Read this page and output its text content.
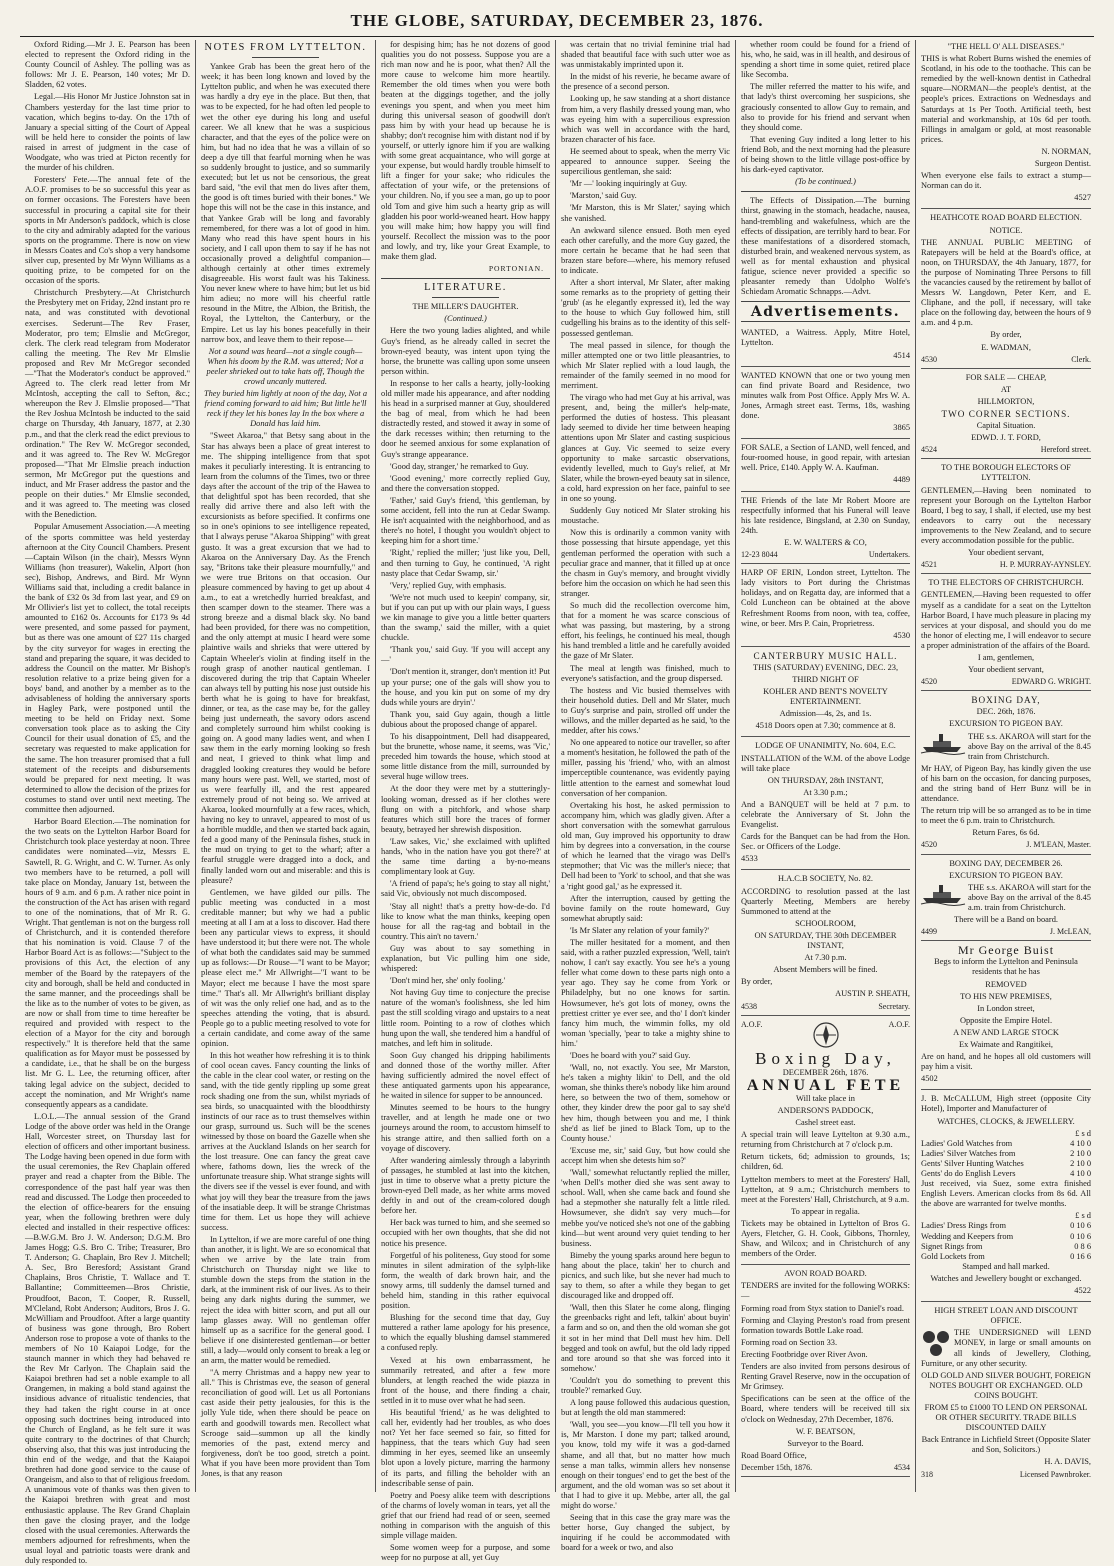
THE GLOBE, SATURDAY, DECEMBER 23, 1876.

Oxford Riding.—Mr J. E. Pearson has been elected to represent the Oxford riding in the County Council of Ashley. The polling was as follows: Mr J. E. Pearson, 140 votes; Mr D. Sladden, 62 votes.

Legal.—His Honor Mr Justice Johnston sat in Chambers yesterday for the last time prior to vacation, which begins to-day. On the 17th of January a special sitting of the Court of Appeal will be held here to consider the points of law raised in arrest of judgment in the case of Woodgate, who was tried at Picton recently for the murder of his children.

Foresters' Fete.—The annual fete of the A.O.F. promises to be so successful this year as on former occasions. The Foresters have been successful in procuring a capital site for their sports in Mr Anderson's paddock, which is close to the city and admirably adapted for the various sports on the programme. There is now on view in Messrs Coates and Co's shop a very handsome silver cup, presented by Mr Wynn Williams as a quoiting prize, to be competed for on the occasion of the sports.

Christchurch Presbytery.—At Christchurch the Presbytery met on Friday, 22nd instant pro re nata, and was constituted with devotional exercises. Sederunt—The Rev Fraser, Moderator, pro tem; Elmslie and McGregor, clerk. The clerk read telegram from Moderator calling the meeting. The Rev Mr Elmslie proposed and Rev Mr McGregor seconded—"That the Moderator's conduct be approved." Agreed to. The clerk read letter from Mr McIntosh, accepting the call to Sefton, &c.; whereupon the Rev J. Elmslie proposed—"That the Rev Joshua McIntosh be inducted to the said charge on Thursday, 4th January, 1877, at 2.30 p.m., and that the clerk read the edict previous to ordination." The Rev W. McGregor seconded, and it was agreed to. The Rev W. McGregor proposed—"That Mr Elmslie preach induction sermon, Mr McGregor put the questions and induct, and Mr Fraser address the pastor and the people on their duties." Mr Elmslie seconded, and it was agreed to. The meeting was closed with the Benediction.

Popular Amusement Association.—A meeting of the sports committee was held yesterday afternoon at the City Council Chambers. Present—Captain Wilson (in the chair), Messrs Wynn Williams (hon treasurer), Wakelin, Alport (hon sec), Bishop, Andrews, and Bird. Mr Wynn Williams said that, including a credit balance in the bank of £32 0s 3d from last year, and £9 on Mr Ollivier's list yet to collect, the total receipts amounted to £162 0s. Accounts for £173 9s 4d were presented, and some passed for payment, but as there was one amount of £27 11s charged by the city surveyor for wages in erecting the stand and preparing the square, it was decided to address the Council on the matter. Mr Bishop's resolution relative to a prize being given for a boys' band, and another by a member as to the advisableness of holding the anniversary sports in Hagley Park, were postponed until the meeting to be held on Friday next. Some conversation took place as to asking the City Council for their usual donation of £5, and the secretary was requested to make application for the same. The hon treasurer promised that a full statement of the receipts and disbursements would be prepared for next meeting. It was determined to allow the decision of the prizes for costumes to stand over until next meeting. The committee then adjourned.

Harbor Board Election.—The nomination for the two seats on the Lyttelton Harbor Board for Christchurch took place yesterday at noon. Three candidates were nominated—viz, Messrs E. Sawtell, R. G. Wright, and C. W. Turner. As only two members have to be returned, a poll will take place on Monday, January 1st, between the hours of 9 a.m. and 6 p.m. A rather nice point in the construction of the Act has arisen with regard to one of the nominations, that of Mr R. G. Wright. That gentleman is not on the burgess roll of Christchurch, and it is contended therefore that his nomination is void. Clause 7 of the Harbor Board Act is as follows:—"Subject to the provisions of this Act, the election of any member of the Board by the ratepayers of the city and borough, shall be held and conducted in the same manner, and the proceedings shall be the like as to the number of votes to be given, as are now or shall from time to time hereafter be required and provided with respect to the election of a Mayor for the city and borough respectively." It is therefore held that the same qualification as for Mayor must be possessed by a candidate, i.e., that he shall be on the burgess list. Mr G. L. Lee, the returning officer, after taking legal advice on the subject, decided to accept the nomination, and Mr Wright's name consequently appears as a candidate.

L.O.L.—The annual session of the Grand Lodge of the above order was held in the Orange Hall, Worcester street, on Thursday last for election of officers and other important business. The Lodge having been opened in due form with the usual ceremonies, the Rev Chaplain offered prayer and read a chapter from the Bible. The correspondence of the past half year was then read and discussed. The Lodge then proceeded to the election of office-bearers for the ensuing year, when the following brethren were duly elected and installed in their respective offices:—B.W.G.M. Bro J. W. Anderson; D.G.M. Bro James Hogg; G.S. Bro C. Tribe; Treasurer, Bro T. Anderson; G. Chaplain, Bro Rev J. Mitchell; A. Sec, Bro Beresford; Assistant Grand Chaplains, Bros Christie, T. Wallace and T. Ballantine; Committeemen—Bros Christie, Proudfoot, Bacon, T. Cooper, R. Russell, M'Cleland, Robt Anderson; Auditors, Bros J. G. McWilliam and Proudfoot. After a large quantity of business was gone through, Bro Robert Anderson rose to propose a vote of thanks to the members of No 10 Kaiapoi Lodge, for the staunch manner in which they had behaved re the Rev Mr Carlyon. The Chaplain said the Kaiapoi brethren had set a noble example to all Orangemen, in making a bold stand against the insidious advance of ritualistic tendencies, that they had taken the right course in at once opposing such doctrines being introduced into the Church of England, as he felt sure it was quite contrary to the doctrines of that Church; observing also, that this was just introducing the thin end of the wedge, and that the Kaiapoi brethren had done good service to the cause of Orangeism, and also to that of religious freedom. A unanimous vote of thanks was then given to the Kaiapoi brethren with great and most enthusiastic applause. The Rev Grand Chaplain then gave the closing prayer, and the lodge closed with the usual ceremonies. Afterwards the members adjourned for refreshments, when the usual loyal and patriotic toasts were drank and duly responded to.

NOTES FROM LYTTELTON.

Yankee Grab has been the great hero of the week; it has been long known and loved by the Lyttelton public, and when he was executed there was hardly a dry eye in the place. But then, that was to be expected, for he had often led people to wet the other eye during his long and useful career. We all knew that he was a suspicious character, and that the eyes of the police were on him, but had no idea that he was a villain of so deep a dye till that fearful morning when he was so suddenly brought to justice, and so summarily executed; but let us not be censorious, the great bard said, "the evil that men do lives after them, the good is oft times buried with their bones." We hope this will not be the case in this instance, and that Yankee Grab will be long and favorably remembered, for there was a lot of good in him. Many who read this have spent hours in his society, and I call upon them to say if he has not occasionally proved a delightful companion—although certainly at other times extremely disagreeable. His worst fault was his Takiness. You never knew where to have him; but let us bid him adieu; no more will his cheerful rattle resound in the Mitre, the Albion, the British, the Royal, the Lyttelton, the Canterbury, or the Empire. Let us lay his bones peacefully in their narrow box, and leave them to their repose—

Not a sound was heard—not a single cough— When his doom by the R.M. was uttered; Not a peeler shrieked out to take hats off, Though the crowd uncanly muttered.

They buried him lightly at noon of the day, Not a friend coming forward to aid him; But little he'll reck if they let his bones lay In the box where a Donald has laid him.

"Sweet Akaroa," that Betsy sang about in the Star has always been a place of great interest to me. The shipping intelligence from that spot makes it peculiarly interesting. It is entrancing to learn from the columns of the Times, two or three days after the account of the trip of the Hawea to that delightful spot has been recorded, that she really did arrive there and also left with the excursionists as before specified. It confirms one so in one's opinions to see intelligence repeated, that I always peruse "Akaroa Shipping" with great gusto. It was a great excursion that we had to Akaroa on the Anniversary Day. As the French say, "Britons take their pleasure mournfully," and we were true Britons on that occasion. Our pleasure commenced by having to get up about 4 a.m., to eat a wretchedly hurried breakfast, and then scamper down to the steamer. There was a strong breeze and a dismal black sky. No band had been provided, for there was no competition, and the only attempt at music I heard were some plaintive wails and shrieks that were uttered by Captain Wheeler's violin at finding itself in the rough grasp of another nautical gentleman. I discovered during the trip that Captain Wheeler can always tell by putting his nose just outside his berth what he is going to have for breakfast, dinner, or tea, as the case may be, for the galley being just underneath, the savory odors ascend and completely surround him whilst cooking is going on. A good many ladies went, and when I saw them in the early morning looking so fresh and neat, I grieved to think what limp and draggled looking creatures they would be before many hours were past. Well, we started, most of us were fearfully ill, and the rest appeared extremely proud of not being so. We arrived at Akaroa, looked mournfully at a few races, which, having no key to unravel, appeared to most of us a horrible muddle, and then we started back again, fed a good many of the Peninsula fishes, stuck in the mud on trying to get to the wharf; after a fearful struggle were dragged into a dock, and finally landed worn out and miserable: and this is pleasure?

Gentlemen, we have gilded our pills. The public meeting was conducted in a most creditable manner; but why we had a public meeting at all I am at a loss to discover. Had there been any particular views to express, it should have understood it; but there were not. The whole of what both the candidates said may be summed up as follows:—Dr Rouse—"I want to be Mayor; please elect me." Mr Allwright—"I want to be Mayor; elect me because I have the most spare time." That's all. Mr Allwright's brilliant display of wit was the only relief one had, and as to the speeches attending the voting, that is absurd. People go to a public meeting resolved to vote for a certain candidate, and come away of the same opinion.

In this hot weather how refreshing it is to think of cool ocean caves. Fancy counting the links of the cable in the clear cool water, or resting on the sand, with the tide gently rippling up some great rock shading one from the sun, whilst myriads of sea birds, so unacquainted with the bloodthirsty instincts of our race as to trust themselves within our grasp, surround us. Such will be the scenes witnessed by those on board the Gazelle when she arrives at the Auckland Islands on her search for the lost treasure. One can fancy the great cave where, fathoms down, lies the wreck of the unfortunate treasure ship. What strange sights will the divers see if the vessel is ever found, and with what joy will they bear the treasure from the jaws of the insatiable deep. It will be strange Christmas time for them. Let us hope they will achieve success.

In Lyttelton, if we are more careful of one thing than another, it is light. We are so economical that when we arrive by the late train from Christchurch on Thursday night we like to stumble down the steps from the station in the dark, at the imminent risk of our lives. As to their being any dark nights during the summer, we reject the idea with bitter scorn, and put all our lamp glasses away. Will no gentleman offer himself up as a sacrifice for the general good. I believe if one disinterested gentleman—or better still, a lady—would only consent to break a leg or an arm, the matter would be remedied.

"A merry Christmas and a happy new year to all." This is Christmas eve, the season of general reconciliation of good will. Let us all Portonians cast aside their petty jealousies, for this is the jolly Yule tide, when there should be peace on earth and goodwill towards men. Recollect what Scrooge said—summon up all the kindly memories of the past, extend mercy and forgiveness, don't be too good, stretch a point. What if you have been more provident than Tom Jones, is that any reason

for despising him; has he not dozens of good qualities you do not possess. Suppose you are a rich man now and he is poor, what then? All the more cause to welcome him more heartily. Remember the old times when you were both beaten at the diggings together, and the jolly evenings you spent, and when you meet him during this universal season of goodwill don't pass him by with your head up because he is shabby; don't recognise him with distant nod if by yourself, or utterly ignore him if you are walking with some great acquaintance, who will gorge at your expense, but would hardly trouble himself to lift a finger for your sake; who ridicules the affectation of your wife, or the pretensions of your children. No, if you see a man, go up to poor old Tom and give him such a hearty grip as will gladden his poor world-weaned heart. How happy you will make him; how happy you will find yourself. Recollect the mission was to the poor and lowly, and try, like your Great Example, to make them glad.

PORTONIAN.

LITERATURE.
THE MILLER'S DAUGHTER.
(Continued.)

Here the two young ladies alighted, and while Guy's friend, as he already called in secret the brown-eyed beauty, was intent upon tying the horse, the brunette was calling upon some unseen person within.

In response to her calls a hearty, jolly-looking old miller made his appearance, and after nodding his head in a surprised manner at Guy, shouldered the bag of meal, from which he had been distractedly rested, and stowed it away in some of the dark recesses within; then returning to the door he seemed anxious for some explanation of Guy's strange appearance.

'Good day, stranger,' he remarked to Guy.

'Good evening,' more correctly replied Guy, and there the conversation stopped.

'Father,' said Guy's friend, 'this gentleman, by some accident, fell into the run at Cedar Swamp. He isn't acquainted with the neighborhood, and as there's no hotel, I thought you wouldn't object to keeping him for a short time.'

'Right,' replied the miller; 'just like you, Dell, and then turning to Guy, he continued, 'A right nasty place that Cedar Swamp, sir.'

'Very,' replied Guy, with emphasis.

'We're not much used to keepin' company, sir, but if you can put up with our plain ways, I guess we kin manage to give you a little better quarters than the swamp,' said the miller, with a quiet chuckle.

'Thank you,' said Guy. 'If you will accept any—'

'Don't mention it, stranger, don't mention it! Put up your purse; one of the gals will show you to the house, and you kin put on some of my dry duds while yours are dryin'.'

Thank you, said Guy again, though a little dubious about the proposed change of apparel.

To his disappointment, Dell had disappeared, but the brunette, whose name, it seems, was 'Vic,' preceded him towards the house, which stood at some little distance from the mill, surrounded by several huge willow trees.

At the door they were met by a stutteringly-looking woman, dressed as if her clothes were flung on with a pitchfork, and whose sharp features which still bore the traces of former beauty, betrayed her shrewish disposition.

'Law sakes, Vic,' she exclaimed with uplifted hands, 'who in the nation have you got there?' at the same time darting a by-no-means complimentary look at Guy.

'A friend of papa's; he's going to stay all night,' said Vic, obviously not much discomposed.

'Stay all night! that's a pretty how-de-do. I'd like to know what the man thinks, keeping open house for all the rag-tag and bobtail in the country. This ain't no tavern.'

Guy was about to say something in explanation, but Vic pulling him one side, whispered:

'Don't mind her, she' only fooling.'

Not having Guy time to conjecture the precise nature of the woman's foolishness, she led him past the still scolding virago and upstairs to a neat little room. Pointing to a row of clothes which hung upon the wall, she tendered him a handful of matches, and left him in solitude.

Soon Guy changed his dripping habiliments and donned those of the worthy miller. After having sufficiently admired the novel effect of these antiquated garments upon his appearance, he waited in silence for supper to be announced.

Minutes seemed to be hours to the hungry traveller, and at length he made one or two journeys around the room, to accustom himself to his strange attire, and then sallied forth on a voyage of discovery.

After wandering aimlessly through a labyrinth of passages, he stumbled at last into the kitchen, just in time to observe what a pretty picture the brown-eyed Dell made, as her white arms moved deftly in and out of the cream-colored dough before her.

Her back was turned to him, and she seemed so occupied with her own thoughts, that she did not notice his presence.

Forgetful of his politeness, Guy stood for some minutes in silent admiration of the sylph-like form, the wealth of dark brown hair, and the snowy arms, till suddenly the damsel turned and beheld him, standing in this rather equivocal position.

Blushing for the second time that day, Guy muttered a rather lame apology for his presence, to which the equally blushing damsel stammered a confused reply.

Vexed at his own embarrassment, he summarily retreated, and after a few more blunders, at length reached the wide piazza in front of the house, and there finding a chair, settled in it to muse over what he had seen.

His beautiful 'friend,' as he was delighted to call her, evidently had her troubles, as who does not? Yet her face seemed so fair, so fitted for happiness, that the tears which Guy had seen dimming in her eyes, seemed like an unseemly blot upon a lovely picture, marring the harmony of its parts, and filling the beholder with an indescribable sense of pain.

Poetry and Poesy alike teem with descriptions of the charms of lovely woman in tears, yet all the grief that our friend had read of or seen, seemed nothing in comparison with the anguish of this simple village maiden.

Some women weep for a purpose, and some weep for no purpose at all, yet Guy

was certain that no trivial feminine trial had shaded that beautiful face with such utter woe as was unmistakably imprinted upon it.

In the midst of his reverie, he became aware of the presence of a second person.

Looking up, he saw standing at a short distance from him, a very flashily dressed young man, who was eyeing him with a supercilious expression which was well in accordance with the hard, brazen character of his face.

He seemed about to speak, when the merry Vic appeared to announce supper. Seeing the supercilious gentleman, she said:

'Mr —' looking inquiringly at Guy.

'Marston,' said Guy.

'Mr Marston, this is Mr Slater,' saying which she vanished.

An awkward silence ensued. Both men eyed each other carefully, and the more Guy gazed, the more certain he became that he had seen that brazen stare before—where, his memory refused to indicate.

After a short interval, Mr Slater, after making some remarks as to the propriety of getting their 'grub' (as he elegantly expressed it), led the way to the house to which Guy followed him, still cudgelling his brains as to the identity of this self-possessed gentleman.

The meal passed in silence, for though the miller attempted one or two little pleasantries, to which Mr Slater replied with a loud laugh, the remainder of the family seemed in no mood for merriment.

The virago who had met Guy at his arrival, was present, and, being the miller's help-mate, performed the duties of hostess. This pleasant lady seemed to divide her time between heaping attentions upon Mr Slater and casting suspicious glances at Guy. Vic seemed to seize every opportunity to make sarcastic observations, evidently levelled, much to Guy's relief, at Mr Slater, while the brown-eyed beauty sat in silence, a cold, hard expression on her face, painful to see in one so young.

Suddenly Guy noticed Mr Slater stroking his moustache.

Now this is ordinarily a common vanity with those possessing that hirsute appendage, yet this gentleman performed the operation with such a peculiar grace and manner, that it filled up at once the chasm in Guy's memory, and brought vividly before him the occasion on which he had seen this stranger.

So much did the recollection overcome him, that for a moment he was scarce conscious of what was passing, but mastering, by a strong effort, his feelings, he continued his meal, though his hand trembled a little and he carefully avoided the gaze of Mr Slater.

The meal at length was finished, much to everyone's satisfaction, and the group dispersed.

The hostess and Vic busied themselves with their household duties. Dell and Mr Slater, much to Guy's surprise and pain, strolled off under the willows, and the miller departed as he said, 'to the medder, after his cows.'

No one appeared to notice our traveller, so after a moment's hesitation, he followed the path of the miller, passing his 'friend,' who, with an almost imperceptible countenance, was evidently paying little attention to the earnest and somewhat loud conversation of her companion.

Overtaking his host, he asked permission to accompany him, which was gladly given. After a short conversation with the somewhat garrulous old man, Guy improved his opportunity to draw him by degrees into a conversation, in the course of which he learned that the virago was Dell's stepmother; that Vic was the miller's niece; that Dell had been to 'York' to school, and that she was a 'right good gal,' as he expressed it.

After the interruption, caused by getting the bovine family on the route homeward, Guy somewhat abruptly said:

'Is Mr Slater any relation of your family?'

The miller hesitated for a moment, and then said, with a rather puzzled expression, 'Well, tain't nohow, I can't say exactly. You see he's a young feller what come down to these parts nigh onto a year ago. They say he come from York or Philadelphy, but no one knows for sartin. Howsumever, he's got lots of money, owns the prettiest critter ye ever see, and tho' I don't kinder fancy him much, the wimmin folks, my old woman 'specially, 'pear to take a mighty shine to him.'

'Does he board with you?' said Guy.

'Wall, no, not exactly. You see, Mr Marston, he's taken a mighty likin' to Dell, and the old woman, she thinks there's nobody like him around here, so between the two of them, somehow or other, they kinder drew the poor gal to say she'd hev him, though between you and me, I think she'd as lief be jined to Black Tom, up to the County house.'

'Excuse me, sir,' said Guy, 'but how could she accept him when she detests him so?'

'Wall,' somewhat reluctantly replied the miller, 'when Dell's mother died she was sent away to school. Wall, when she came back and found she had a stepmother she naturally felt a little riled. Howsumever, she didn't say very much—for mebbe you've noticed she's not one of the gabbing kind—but went around very quiet tending to her business.

Bimeby the young sparks around here begun to hang about the place, takin' her to church and picnics, and such like, but she never had much to say to them, so after a while they began to get discouraged like and dropped off.

'Wall, then this Slater he come along, flinging the greenbacks right and left, talkin' about buyin' a farm and so on, and then the old woman she got it sot in her mind that Dell must hev him. Dell begged and took on awful, but the old lady ripped and tore around so that she was forced into it somehow.'

'Couldn't you do something to prevent this trouble?' remarked Guy.

A long pause followed this audacious question, but at length the old man stammered:

'Wall, you see—you know—I'll tell you how it is, Mr Marston. I done my part; talked around, you know, told my wife it was a god-darned shame, and all that, but no matter how much sense a man talks, wimmin allers hev nonsense enough on their tongues' end to get the best of the argument, and the old woman was so set about it that I had to give it up. Mebbe, arter all, the gal might do worse.'

Seeing that in this case the gray mare was the better horse, Guy changed the subject, by inquiring if he could be accommodated with board for a week or two, and also

whether room could be found for a friend of his, who, he said, was in ill health, and desirous of spending a short time in some quiet, retired place like Secomba.

The miller referred the matter to his wife, and that lady's thirst overcoming her suspicions, she graciously consented to allow Guy to remain, and also to provide for his friend and servant when they should come.

That evening Guy indited a long letter to his friend Bob, and the next morning had the pleasure of being shown to the little village post-office by his dark-eyed captivator.

(To be continued.)

The Effects of Dissipation.—The burning thirst, gnawing in the stomach, headache, nausea, hand-trembling and wakefulness, which are the effects of dissipation, are terribly hard to bear. For these manifestations of a disordered stomach, disturbed brain, and weakened nervous system, as well as for mental exhaustion and physical fatigue, science never provided a specific so pleasanter remedy than Udolpho Wolfe's Schiedam Aromatic Schnapps.—Advt.

Advertisements.

WANTED, a Waitress. Apply, Mitre Hotel, Lyttelton.

4514

WANTED KNOWN that one or two young men can find private Board and Residence, two minutes walk from Post Office. Apply Mrs W. A. Jones, Armagh street east. Terms, 18s, washing done.

3865

FOR SALE, a Section of LAND, well fenced, and four-roomed house, in good repair, with artesian well. Price, £140. Apply W. A. Kaufman.

4489

THE Friends of the late Mr Robert Moore are respectfully informed that his Funeral will leave his late residence, Bingsland, at 2.30 on Sunday, 24th.

E. W. WALTERS & CO,

12-23 8044	Undertakers.

HARP OF ERIN, London street, Lyttelton. The lady visitors to Port during the Christmas holidays, and on Regatta day, are informed that a Cold Luncheon can be obtained at the above Refreshment Rooms from noon, with tea, coffee, wine, or beer. Mrs P. Cain, Proprietress.

4530

CANTERBURY MUSIC HALL.

THIS (SATURDAY) EVENING, DEC. 23,

THIRD NIGHT OF

KOHLER AND BENT'S NOVELTY ENTERTAINMENT.

Admission—4s, 2s, and 1s.

4518 Doors open at 7.30; commence at 8.

LODGE OF UNANIMITY, No. 604, E.C.

INSTALLATION of the W.M. of the above Lodge will take place

ON THURSDAY, 28th INSTANT,

At 3.30 p.m.;

And a BANQUET will be held at 7 p.m. to celebrate the Anniversary of St. John the Evangelist.

Cards for the Banquet can be had from the Hon. Sec. or Officers of the Lodge.

4533

H.A.C.B SOCIETY, No. 82.

ACCORDING to resolution passed at the last Quarterly Meeting, Members are hereby Summoned to attend at the

SCHOOLROOM,

ON SATURDAY, THE 30th DECEMBER INSTANT,

At 7.30 p.m.

Absent Members will be fined.

By order,

AUSTIN P. SHEATH,

4538	Secretary.
A.O.F.	A.O.F.
Boxing Day,

DECEMBER 26th, 1876.

ANNUAL FETE

Will take place in

ANDERSON'S PADDOCK,

Cashel street east.

A special train will leave Lyttelton at 9.30 a.m., returning from Christchurch at 7 o'clock p.m.

Return tickets, 6d; admission to grounds, 1s; children, 6d.

Lyttelton members to meet at the Foresters' Hall, Lyttelton, at 9 a.m.; Christchurch members to meet at the Foresters' Hall, Christchurch, at 9 a.m.

To appear in regalia.

Tickets may be obtained in Lyttelton of Bros G. Ayers, Fletcher, G. H. Cook, Gibbons, Thornley, Shaw, and Wilcox; and in Christchurch of any members of the Order.

AVON ROAD BOARD.

TENDERS are invited for the following WORKS:—

Forming road from Styx station to Daniel's road.

Forming and Claying Preston's road from present formation towards Bottle Lake road.

Forming road on Section 33.

Erecting Footbridge over River Avon.

Tenders are also invited from persons desirous of Renting Gravel Reserve, now in the occupation of Mr Grimsey.

Specifications can be seen at the office of the Board, where tenders will be received till six o'clock on Wednesday, 27th December, 1876.

W. F. BEATSON,

Surveyor to the Board.

Road Board Office,

December 15th, 1876.	4534

"THE HELL O' ALL DISEASES."

THIS is what Robert Burns wished the enemies of Scotland, in his ode to the toothache. This can be remedied by the well-known dentist in Cathedral square—NORMAN—the people's dentist, at the people's prices. Extractions on Wednesdays and Saturdays at 1s Per Tooth. Artificial teeth, best material and workmanship, at 10s 6d per tooth. Fillings in amalgam or gold, at most reasonable prices.

N. NORMAN,

Surgeon Dentist.

When everyone else fails to extract a stump—Norman can do it.

4527

HEATHCOTE ROAD BOARD ELECTION.

NOTICE.

THE ANNUAL PUBLIC MEETING of Ratepayers will be held at the Board's office, at noon, on THURSDAY, the 4th January, 1877, for the purpose of Nominating Three Persons to fill the vacancies caused by the retirement by ballot of Messrs W. Langdown, Peter Kerr, and E. Cliphane, and the poll, if necessary, will take place on the following day, between the hours of 9 a.m. and 4 p.m.

By order,

E. WADMAN,

4530	Clerk.

FOR SALE — CHEAP,

AT

HILLMORTON,

TWO CORNER SECTIONS.

Capital Situation.

EDWD. J. T. FORD,

4524	Hereford street.

TO THE BOROUGH ELECTORS OF LYTTELTON.

GENTLEMEN,—Having been nominated to represent your Borough on the Lyttelton Harbor Board, I beg to say, I shall, if elected, use my best endeavors to carry out the necessary improvements to the New Zealand, and to secure every accommodation possible for the public.

Your obedient servant,

4521	H. P. MURRAY-AYNSLEY.

TO THE ELECTORS OF CHRISTCHURCH.

GENTLEMEN,—Having been requested to offer myself as a candidate for a seat on the Lyttelton Harbor Board, I have much pleasure in placing my services at your disposal, and should you do me the honor of electing me, I will endeavor to secure a proper administration of the affairs of the Board.

I am, gentlemen,

Your obedient servant,

4520	EDWARD G. WRIGHT.

BOXING DAY,

DEC. 26th, 1876.

EXCURSION TO PIGEON BAY.

THE s.s. AKAROA will start for the above Bay on the arrival of the 8.45 train from Christchurch.

Mr HAY, of Pigeon Bay, has kindly given the use of his barn on the occasion, for dancing purposes, and the string band of Herr Bunz will be in attendance.

The return trip will be so arranged as to be in time to meet the 6 p.m. train to Christchurch.

Return Fares, 6s 6d.

4520	J. M'LEAN, Master.

BOXING DAY, DECEMBER 26.

EXCURSION TO PIGEON BAY.

THE s.s. AKAROA will start for the above Bay on the arrival of the 8.45 a.m. train from Christchurch.

There will be a Band on board.

4499	J. McLEAN,

Mr George Buist

Begs to inform the Lyttelton and Peninsula residents that he has

REMOVED

TO HIS NEW PREMISES,

In London street,

Opposite the Empire Hotel.

A NEW AND LARGE STOCK

Ex Waimate and Rangitikei,

Are on hand, and he hopes all old customers will pay him a visit.

4502

J. B. McCALLUM, High street (opposite City Hotel), Importer and Manufacturer of

WATCHES, CLOCKS, & JEWELLERY.

£ s d
Ladies' Gold Watches from	4 10 0
Ladies' Silver Watches from	2 10 0
Gents' Silver Hunting Watches	2 10 0
Gents' do do English Levers	4 10 0

Just received, via Suez, some extra finished English Levers. American clocks from 8s 6d. All the above are warranted for twelve months.

£ s d
Ladies' Dress Rings from	0 10 6
Wedding and Keepers from	0 10 6
Signet Rings from	0 8 6
Gold Lockets from	0 16 6

Stamped and hall marked.

Watches and Jewellery bought or exchanged.

4522

HIGH STREET LOAN AND DISCOUNT OFFICE.

THE UNDERSIGNED will LEND MONEY, in large or small amounts on all kinds of Jewellery, Clothing, Furniture, or any other security.

OLD GOLD AND SILVER BOUGHT, FOREIGN NOTES BOUGHT OR EXCHANGED. OLD COINS BOUGHT.

FROM £5 to £1000 TO LEND ON PERSONAL OR OTHER SECURITY. TRADE BILLS DISCOUNTED DAILY

Back Entrance in Lichfield Street (Opposite Slater and Son, Solicitors.)

H. A. DAVIS,

318	Licensed Pawnbroker.
